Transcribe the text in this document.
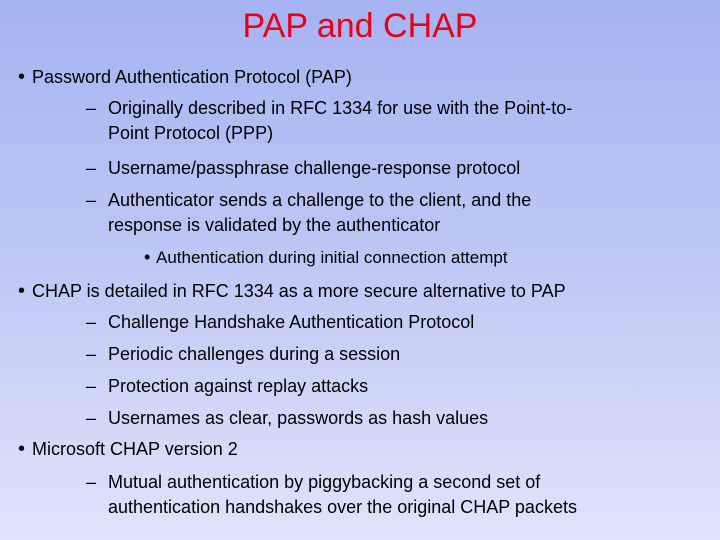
PAP and CHAP
• Password Authentication Protocol (PAP)
– Originally described in RFC 1334 for use with the Point-to-
Point Protocol (PPP)
– Username/passphrase challenge-response protocol
– Authenticator sends a challenge to the client, and the
response is validated by the authenticator
• Authentication during initial connection attempt
• CHAP is detailed in RFC 1334 as a more secure alternative to PAP
– Challenge Handshake Authentication Protocol
– Periodic challenges during a session
– Protection against replay attacks
– Usernames as clear, passwords as hash values
• Microsoft CHAP version 2
– Mutual authentication by piggybacking a second set of
authentication handshakes over the original CHAP packets
